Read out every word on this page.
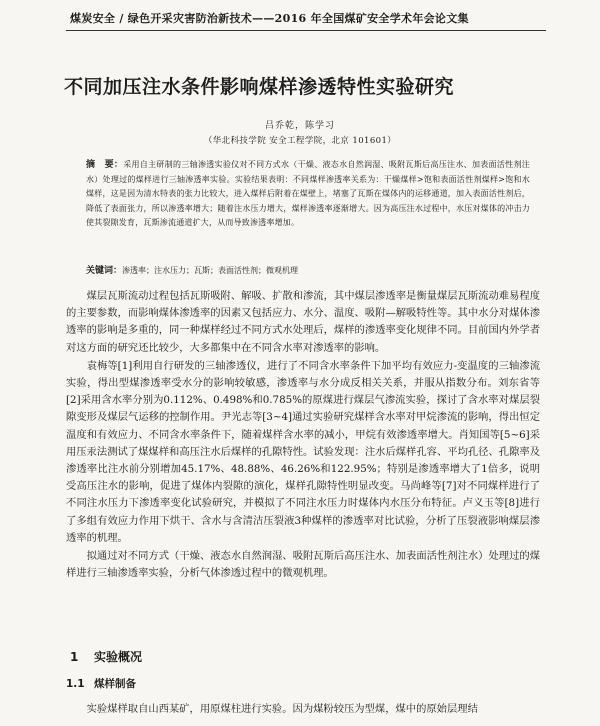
煤炭安全 / 绿色开采灾害防治新技术——2016 年全国煤矿安全学术年会论文集
不同加压注水条件影响煤样渗透特性实验研究
吕乔乾，陈学习
（华北科技学院 安全工程学院，北京 101601）
摘　要：采用自主研制的三轴渗透实验仪对不同方式水（干燥、液态水自然润湿、吸附瓦斯后高压注水、加表面活性剂注水）处理过的煤样进行三轴渗透率实验。实验结果表明：不同煤样渗透率关系为：干燥煤样>饱和表面活性剂煤样>饱和水煤样，这是因为清水特表的张力比较大，进入煤样后附着在煤壁上，堵塞了瓦斯在煤体内的运移通道，加入表面活性剂后，降低了表面张力，所以渗透率增大；随着注水压力增大，煤样渗透率逐渐增大。因为高压注水过程中，水压对煤体的冲击力使其裂隙发育，瓦斯渗流通道扩大，从而导致渗透率增加。
关键词：渗透率；注水压力；瓦斯；表面活性剂；微观机理

煤层瓦斯流动过程包括瓦斯吸附、解吸、扩散和渗流，其中煤层渗透率是衡量煤层瓦斯流动难易程度的主要参数，而影响煤体渗透率的因素又包括应力、水分、温度、吸附—解吸特性等。其中水分对煤体渗透率的影响是多重的，同一种煤样经过不同方式水处理后，煤样的渗透率变化规律不同。目前国内外学者对这方面的研究还比较少，大多都集中在不同含水率对渗透率的影响。

袁梅等[1]利用自行研发的三轴渗透仪，进行了不同含水率条件下加平均有效应力-变温度的三轴渗流实验，得出型煤渗透率受水分的影响较敏感，渗透率与水分成反相关关系，并服从指数分布。刘东省等[2]采用含水率分别为0.112%、0.498%和0.785%的原煤进行煤层气渗流实验，探讨了含水率对煤层裂隙变形及煤层气运移的控制作用。尹光志等[3~4]通过实验研究煤样含水率对甲烷渗流的影响，得出恒定温度和有效应力、不同含水率条件下，随着煤样含水率的减小，甲烷有效渗透率增大。肖知国等[5~6]采用压汞法测试了煤煤样和高压注水后煤样的孔隙特性。试验发现：注水后煤样孔容、平均孔径、孔隙率及渗透率比注水前分别增加45.17%、48.88%、46.26%和122.95%；特别是渗透率增大了1倍多，说明受高压注水的影响，促进了煤体内裂隙的演化，煤样孔隙特性明显改变。马尚峰等[7]对不同煤样进行了不同注水压力下渗透率变化试验研究，并模拟了不同注水压力时煤体内水压分布特征。卢义玉等[8]进行了多组有效应力作用下烘干、含水与含清洁压裂液3种煤样的渗透率对比试验，分析了压裂液影响煤层渗透率的机理。

拟通过对不同方式（干燥、液态水自然润湿、吸附瓦斯后高压注水、加表面活性剂注水）处理过的煤样进行三轴渗透率实验，分析气体渗透过程中的微观机理。

1 实验概况
1.1 煤样制备
实验煤样取自山西某矿，用原煤柱进行实验。因为煤粉较压为型煤，煤中的原始层理结
